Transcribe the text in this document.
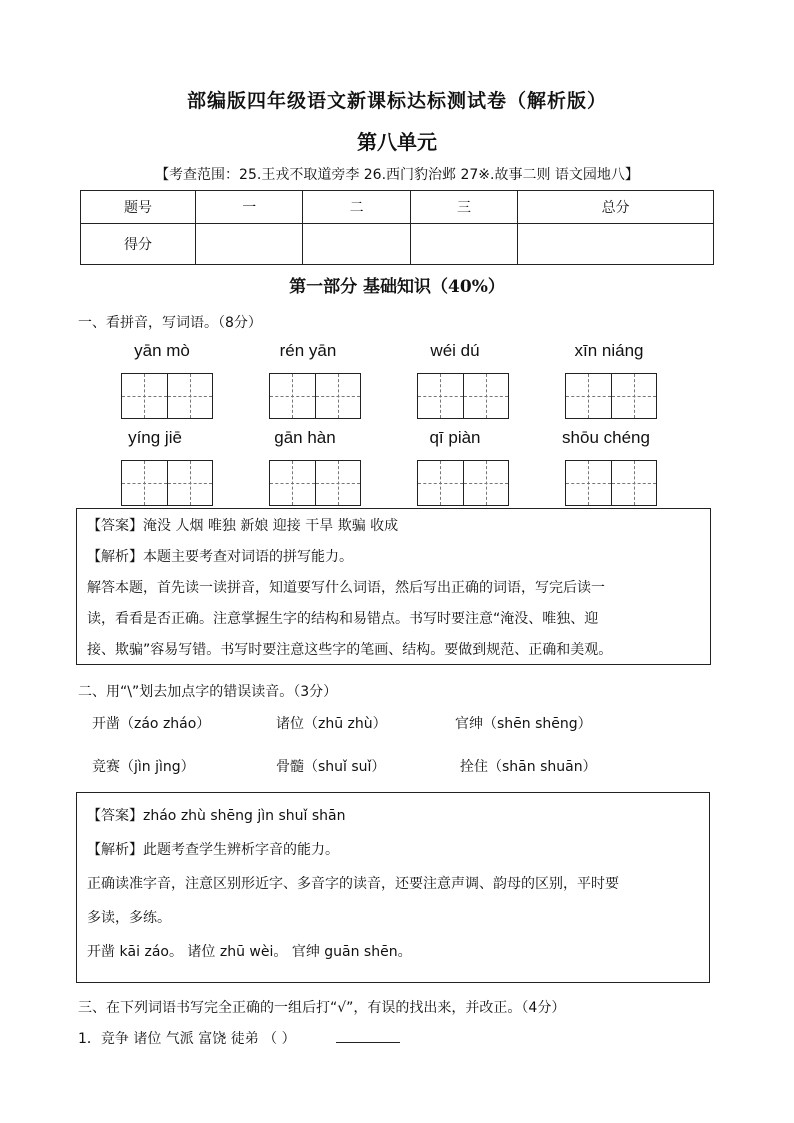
部编版四年级语文新课标达标测试卷（解析版）
第八单元
【考查范围：25.王戎不取道旁李 26.西门豹治邺 27※.故事二则 语文园地八】
题号	一	二	三	总分
得分				
第一部分 基础知识（40%）
一、看拼音，写词语。（8分）
yān mò	rén yān	wéi dú	xīn niáng
yíng jiē	gān hàn	qī piàn	shōu chéng
【答案】淹没 人烟 唯独 新娘 迎接 干旱 欺骗 收成
【解析】本题主要考查对词语的拼写能力。
解答本题，首先读一读拼音，知道要写什么词语，然后写出正确的词语，写完后读一
读，看看是否正确。注意掌握生字的结构和易错点。书写时要注意“淹没、唯独、迎
接、欺骗”容易写错。书写时要注意这些字的笔画、结构。要做到规范、正确和美观。
二、用“\”划去加点字的错误读音。（3分）
开凿（záo zháo）	诸位（zhū zhù）	官绅（shēn shēng）
竞赛（jìn jìng）	骨髓（shuǐ suǐ）	拴住（shān shuān）
【答案】zháo zhù shēng jìn shuǐ shān
【解析】此题考查学生辨析字音的能力。
正确读准字音，注意区别形近字、多音字的读音，还要注意声调、韵母的区别，平时要
多读，多练。
开凿 kāi záo。 诸位 zhū wèi。 官绅 guān shēn。
三、在下列词语书写完全正确的一组后打“√”，有误的找出来，并改正。（4分）
1．竞争 诸位 气派 富饶 徒弟 （ ）
